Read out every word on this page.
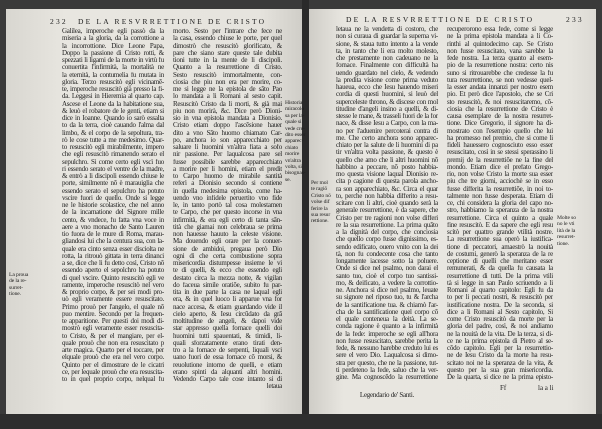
232 DE LA RESVRRETTIONE DE CRISTO	DE LA RESVRRETTIONE DE CRISTO	233
Galilea, imperoche egli passò da la
miseria a la gloria, da la corrottione a
la incorrottione. Dice Leone Papa,
Doppo la passione di Cristo rotti, &
spezzati li ligami de la morte in virtù fu
conuertita l'infirmità, la mortalità ne
la eternità, la contumelia fu mutata in
gloria. Terzo resuscitò egli vicinamē-
te, imperoche resuscitò già presso la fi-
da. Leggesi in Hieremia al quarto cap.
Ascese el Leone da la habitatione sua,
& leuò el robatore de le genti, etiam si
dice in Ioanne. Quando io sarò essalta
to da la terra, cioè cauando l'alma dal
limbo, & el corpo de la sepoltura, tra-
rò le cose tutte a me medesimo. Quar-
to resuscitò egli mirabilmente, impero
che egli resuscitò rimanendo serato el
sepulchro. Si come certo egli vscì fuo
ri essendo serato el ventre de la madre,
& entrò a li discipoli essendo chiuse le
porte, similmente nō è marauiglia che
essendo serato el sepulchro ha potuto
vscire fuori de quello. Onde si legge
ne le historie scolastice, che nel anno
de la incarnatione del Signore mille
cento, & vndece, fu fatta vna voce in
aere a vno monacho de Santo Lauren
tio fuora de le mure di Roma, marau-
gliandosi lui che la centura sua, con la-
quale era cinto senza esser disciolta ne
rotta, la ritrouò gittata in terra dinanci
a se, dice che li fu detto così, Cristo nō
essendo aperto el sepolchro ha potuto
di quel vscire. Quinto resuscitò egli ve
ramente, imperoche resuscitò nel vero
& proprio corpo, & per sei modi pro-
uò egli veramente essere resuscitato.
Primo prouò per l'angelo, el quale nō
puo mentire. Secondo per la frequen-
te apparitione. Per questi doi modi di-
mostrò egli veramente esser resuscita-
to Cristo, & per el mangiare, per el-
quale prouò che non era resuscitato p
arte magica. Quarto per el toccare, per
elquale prouò che era nel vero corpo.
Quinto per el dimostrare de le cicatri
ce, per lequale prouò che era resuscita-
to in quel proprio corpo, nelqual fu
morto. Sesto per l'intrare che fece ne
la casa, essendo chiuse le porte, per quel
dimostrò che resuscitò glorificato, &
pare che siano stare queste tale dubita
tioni tutte in la mente de li discipoli.
Quanto a la resurrettione di Cristo.
Sesto resuscitò immortalmente, con-
ciosia che piu non era per morire, co-
me si legge ne la epistola de sāto Pao
lo mandata a li Romani al sesto capit.
Resuscitò Cristo da li morti, & già mai
piu non morirà, &c. Dice però Dioni-
sio in vna epistola mandata a Dionisio.
Cristo etiam doppo l'ascēsione hauer
dito a vno Sāto huomo chiamato Car-
po, anchora io son apparecchiato per
saluare li huomini vn'altra fiata a sofo
nir passione. Per laqualcosa pare sel
fusse possibile sarebbe apparecchiato
a morire per li homini, etiam el predit
to Carpo huomo de mirabile santità
referì a Dionisio secondo si contiene
in quella medesima epistola, come ha-
uendo vno infidele peruertito vno fide
le, in tanto portò tal cosa molestamen
te Carpo, che per questo incorse in vna
infirmità, & era egli certo di tanta sān-
tità che giamai non celebraua se prima
non hauesse hauuto la celeste visione.
Ma douendo egli orare per la conuer-
sione de ambidoi, pregaua però Dio
ogni di che certa combustione sopra
misericordia distumpesse insieme le vi
te di quelli, & ecco che essendo egli
destato circa la mezza notte, & vigilan
do faceua simile oratiōe, subito fu par-
tita in due parte la casa ne laqual egli
era, & in quel luoco li apparue vna for
nace accesa, & etiam guardando vide il
cielo aperto, & Iesu circūdato da grā
moltitudine de angeli, & dapoi vide
star appresso quella fornace quelli doi
huomini tutti spauentati, & timidi, li-
quali sforzatamente erano tirati den-
tro a la fornace de serpenti, liquali vsci
uano fuori de essa fornace cō morsi, &
reuolutione intorno de quelli, e etiam
erano spinti da alquanti altri homini.
Vedendo Carpo tale cose intanto si di
letaua
letaua ne la vendetta di costoro, che
non si curaua di guardar la superna vi-
sione, & staua tutto intento a la vende
ta, in tanto che li era molto molesto,
che prestamente non cadeuano ne la
fornace. Finalmente con difficultà ha
uendo guardato nel cielo, & vedendo
la predita visione come prima veduto
haueua, ecco che Iesu hauendo miseri
cordia di questi huomini, si leuò del
supercelestе throno, & discese con mol
titudine d'angeli insino a quelli, & di-
stesse le mane, & trasseli fuori de la for
nace, & disse Iesu a Carpo, con la ma-
no per l'aduenire percoterai contra di
me. Che certo anchora sono apparec-
chiato per la salute de li huomini di pa
tir vn'altra volta passione, & questo è
quello che amo che li altri huomini nō
habbino a peccare, nō posto habbia-
mo questa visione laqual Dionisio re-
cita p cagione di questa parola ancho-
ra son apparechiato, &c. Circa el quar
to, perche non habbia differito a resu-
scitare con li altri, cioè quando serà la
generale resurrettione, è da sapere, che
Cristo per tre ragioni non volse differi
re la sua resurrettione. La prima quāto
a la dignità del corpo, che conciosia
che quello corpo fusse dignissimo, es-
sendo edificato, ouero vnito con la dei
tà, non fu condecente cosa che tanto
longamente iacesse sotto la poluere.
Onde si dice nel psalmo, non darai el
santo tuo, cioè el corpo tuo santissi-
mo, & deificato, a vedere la corrottio-
ne. Anchora si dice nel psalmo, leuate
su signore nel riposo tuo, tu & l'archa
de la santificatione tua. & chiamò l'ar-
cha de la santificatione quel corpo cō
el quale conteneua la deità. La se-
conda ragione è quanto a la infirmità
de la fede: imperoche se egli all'hora
non fusse resuscitato, sarebbe perita la
fede, & nessuno harebbe creduto lui es
sere el vero Dio. Laqualcosa si dimo-
stra per questo, che ne la passione, tut-
ti perdeteno la fede, saluo che la ver-
gine. Ma cognoscēdo la resurrettione
recuperorono essa fede, come si legge
ne la prima epistola mandata a li Co-
rinthi al quintodecimo cap. Se Cristo
non fusse resuscitato, vana sarebbe la
fede nostra. La terza quanto al esem-
pio de la resurrettione nostra: certo nis
suno si ritrouarebbe che credesse la fu
tura resurrettione, se non vedesse quel-
la esser andata innanzi per nostro esem
pio. Et però dice l'apostolo, che se Cri
sto resuscitò, & noi resuscitaremo, cō-
ciosia che la resurrettione de Cristo è
causa esemplare de la nostra resurret-
tione. Dice Gregorio, il signore ha di-
mostrato con l'esempio quello che lui
ha promesso nel premio, che si come li
fideli hauessero cognosciuto esso esser
resuscitato, così in se stessi sperassino li
premij de la resurrettiōe ne la fine del
mondo. Etiam dice el prefato Grego-
rio, non volse Cristo la morte sua esser
piu che tre giorni, acciochè se in esso
fusse differita la resurrettiōe, in noi to-
talmente non fusse desperata. Etiam di
ce, chi considera la gloria del capo no-
stro, habbiamo la speranza de la nostra
resurrettione. Circa el quinto a quale
fine resuscitò. È da sapere che egli resu
scitò per quattro grande vtilità nostre.
La resurrettione sua operò la iustifica-
tione di peccatori, amaestrò la nouità
de costumi, generò la speranza de la re
ceptione di quelli che meritano esser
remunerati, & da quella fu causata la
resurrettione di tutti. De la prima vtili
tà si legge in san Paulo scriuendo a li
Romani al quarto capitolo: Egli fu da
to per li peccati nostri, & resuscitò per
iustificatione nostra. De la seconda, si
dice a li Romani al Sesto capitolo, Si
come Cristo resuscitò da morte per la
gloria del padre, così, & noi andiamo
ne la nouità de la vita. De la terza, si di-
ce ne la prima epistola di Pietro al se-
cōdo capitolo. Egli per la resurrettio-
ne de Iesu Cristo da la morte ha resu-
scitato noi ne la speranza de la vita, &
questo per la sua gran misericordia.
De la quarta, si dice ne la prima episto-
La proua
de la re-
surret-
tione.
Historia
miracolo
sa per la-
quale si
vede cre-
dito esser
apparec-
chiato
morire
vn'altra
volta, si
bisognas-
se.
Per mol
te ragiō
Cristo nō
volse dif
ferire la
sua resur
rettione.
Molte so
no le vti
lità de la
resurret-
tione.
Legendario de' Santi.
Ff	la a li
